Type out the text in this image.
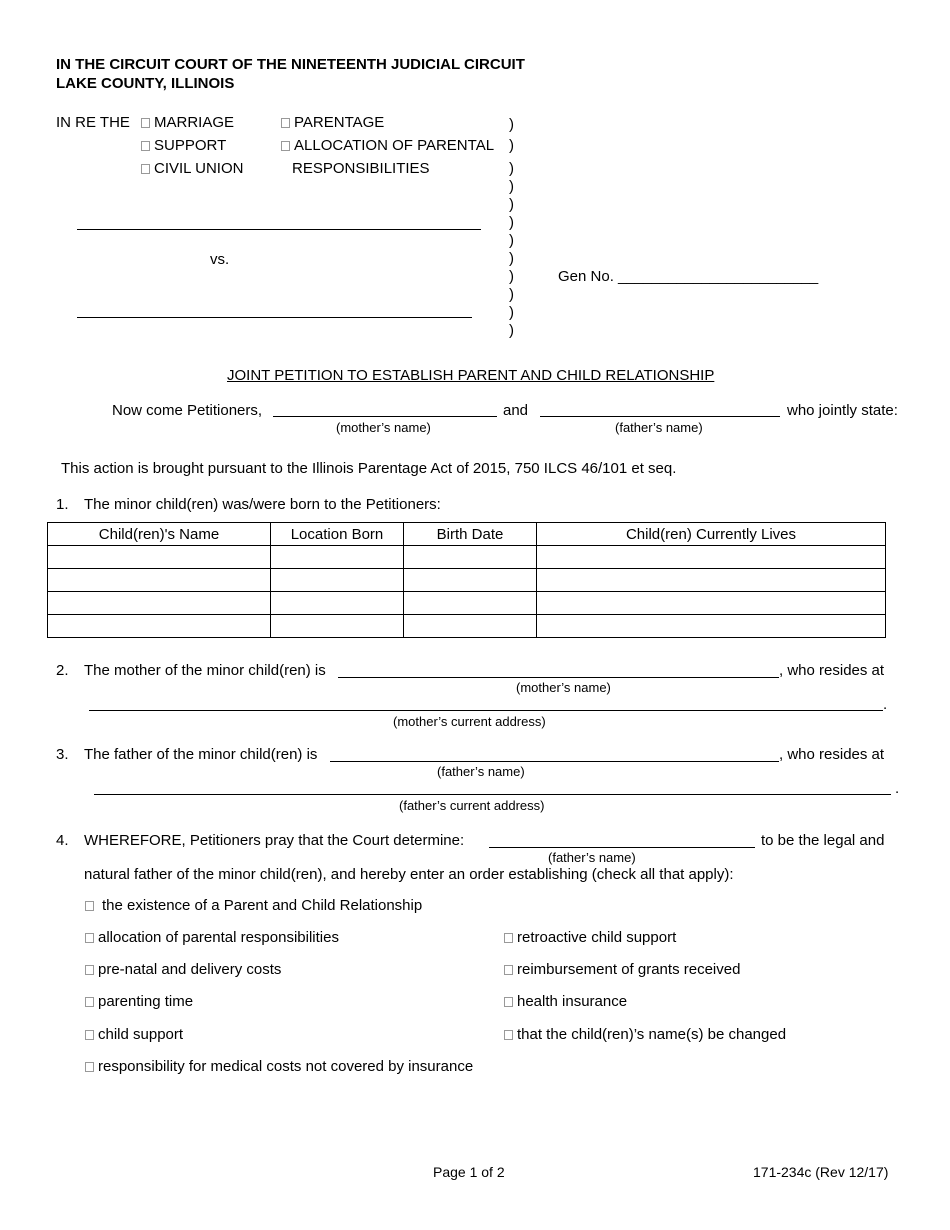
IN THE CIRCUIT COURT OF THE NINETEENTH JUDICIAL CIRCUIT
LAKE COUNTY, ILLINOIS
IN RE THE	MARRIAGE
SUPPORT
CIVIL UNION
PARENTAGE
ALLOCATION OF PARENTAL
RESPONSIBILITIES
)
)
)
)
)
)
)
)
)
)
)
)
vs.
Gen No. ________________________
JOINT PETITION TO ESTABLISH PARENT AND CHILD RELATIONSHIP
Now come Petitioners,	and	who jointly state:
(mother’s name)	(father’s name)
This action is brought pursuant to the Illinois Parentage Act of 2015, 750 ILCS 46/101 et seq.
1. The minor child(ren) was/were born to the Petitioners:
Child(ren)'s Name	Location Born	Birth Date	Child(ren) Currently Lives

2. The mother of the minor child(ren) is	, who resides at
(mother’s name)
.
(mother’s current address)
3. The father of the minor child(ren) is	, who resides at
(father’s name)
.
(father’s current address)
4. WHEREFORE, Petitioners pray that the Court determine:	to be the legal and
(father’s name)
natural father of the minor child(ren), and hereby enter an order establishing (check all that apply):
the existence of a Parent and Child Relationship
allocation of parental responsibilities
pre-natal and delivery costs
parenting time
child support
retroactive child support
reimbursement of grants received
health insurance
that the child(ren)’s name(s) be changed
responsibility for medical costs not covered by insurance
Page 1 of 2	171-234c (Rev 12/17)
